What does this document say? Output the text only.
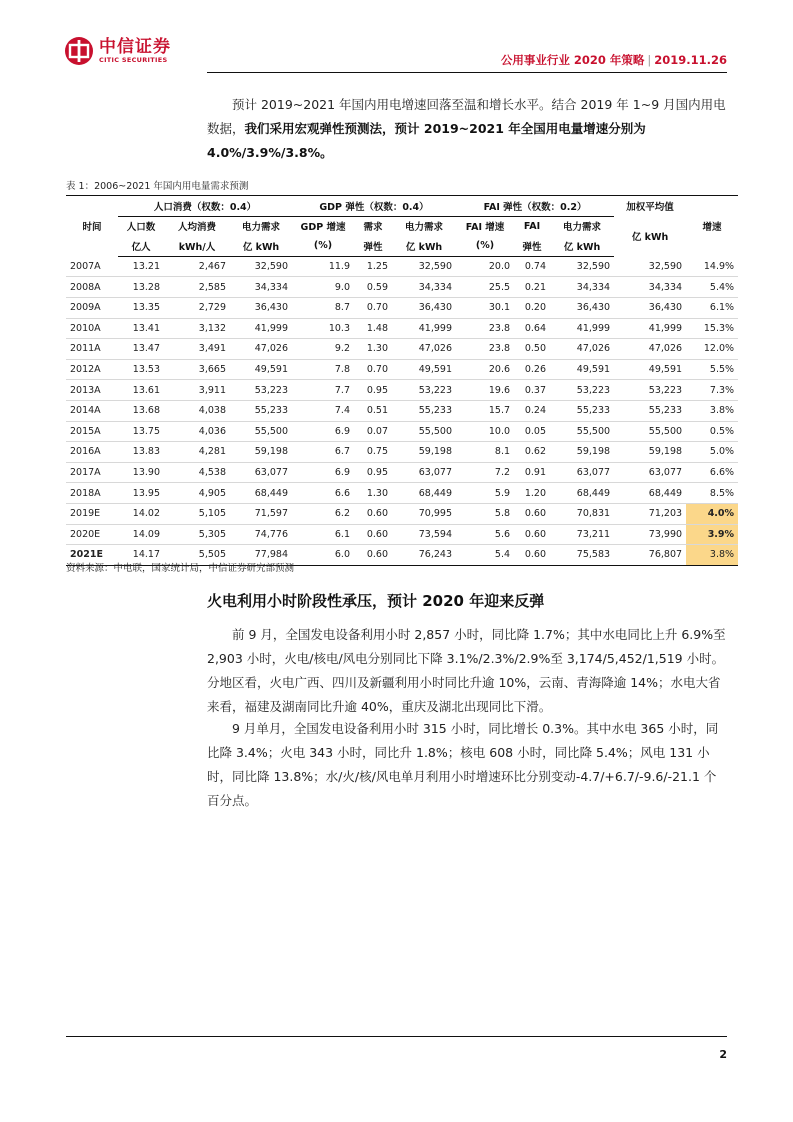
中信证券
CITIC SECURITIES	公用事业行业 2020 年策略 | 2019.11.26
预计 2019~2021 年国内用电增速回落至温和增长水平。结合 2019 年 1~9 月国内用电数据，我们采用宏观弹性预测法，预计 2019~2021 年全国用电量增速分别为 4.0%/3.9%/3.8%。
表 1：2006~2021 年国内用电量需求预测
时间	人口消费（权数：0.4）			GDP 弹性（权数：0.4）			FAI 弹性（权数：0.2）			加权平均值	增速
	人口数	人均消费	电力需求	GDP 增速	需求	电力需求	FAI 增速	FAI	电力需求	亿 kWh	
	亿人	kWh/人	亿 kWh	(%)	弹性	亿 kWh	(%)	弹性	亿 kWh		
2007A	13.21	2,467	32,590	11.9	1.25	32,590	20.0	0.74	32,590	32,590	14.9%
2008A	13.28	2,585	34,334	9.0	0.59	34,334	25.5	0.21	34,334	34,334	5.4%
2009A	13.35	2,729	36,430	8.7	0.70	36,430	30.1	0.20	36,430	36,430	6.1%
2010A	13.41	3,132	41,999	10.3	1.48	41,999	23.8	0.64	41,999	41,999	15.3%
2011A	13.47	3,491	47,026	9.2	1.30	47,026	23.8	0.50	47,026	47,026	12.0%
2012A	13.53	3,665	49,591	7.8	0.70	49,591	20.6	0.26	49,591	49,591	5.5%
2013A	13.61	3,911	53,223	7.7	0.95	53,223	19.6	0.37	53,223	53,223	7.3%
2014A	13.68	4,038	55,233	7.4	0.51	55,233	15.7	0.24	55,233	55,233	3.8%
2015A	13.75	4,036	55,500	6.9	0.07	55,500	10.0	0.05	55,500	55,500	0.5%
2016A	13.83	4,281	59,198	6.7	0.75	59,198	8.1	0.62	59,198	59,198	5.0%
2017A	13.90	4,538	63,077	6.9	0.95	63,077	7.2	0.91	63,077	63,077	6.6%
2018A	13.95	4,905	68,449	6.6	1.30	68,449	5.9	1.20	68,449	68,449	8.5%
2019E	14.02	5,105	71,597	6.2	0.60	70,995	5.8	0.60	70,831	71,203	4.0%
2020E	14.09	5,305	74,776	6.1	0.60	73,594	5.6	0.60	73,211	73,990	3.9%
2021E	14.17	5,505	77,984	6.0	0.60	76,243	5.4	0.60	75,583	76,807	3.8%
资料来源：中电联，国家统计局，中信证券研究部预测
火电利用小时阶段性承压，预计 2020 年迎来反弹
前 9 月，全国发电设备利用小时 2,857 小时，同比降 1.7%；其中水电同比上升 6.9%至 2,903 小时，火电/核电/风电分别同比下降 3.1%/2.3%/2.9%至 3,174/5,452/1,519 小时。分地区看，火电广西、四川及新疆利用小时同比升逾 10%，云南、青海降逾 14%；水电大省来看，福建及湖南同比升逾 40%，重庆及湖北出现同比下滑。
9 月单月，全国发电设备利用小时 315 小时，同比增长 0.3%。其中水电 365 小时，同比降 3.4%；火电 343 小时，同比升 1.8%；核电 608 小时，同比降 5.4%；风电 131 小时，同比降 13.8%；水/火/核/风电单月利用小时增速环比分别变动-4.7/+6.7/-9.6/-21.1 个百分点。
2
